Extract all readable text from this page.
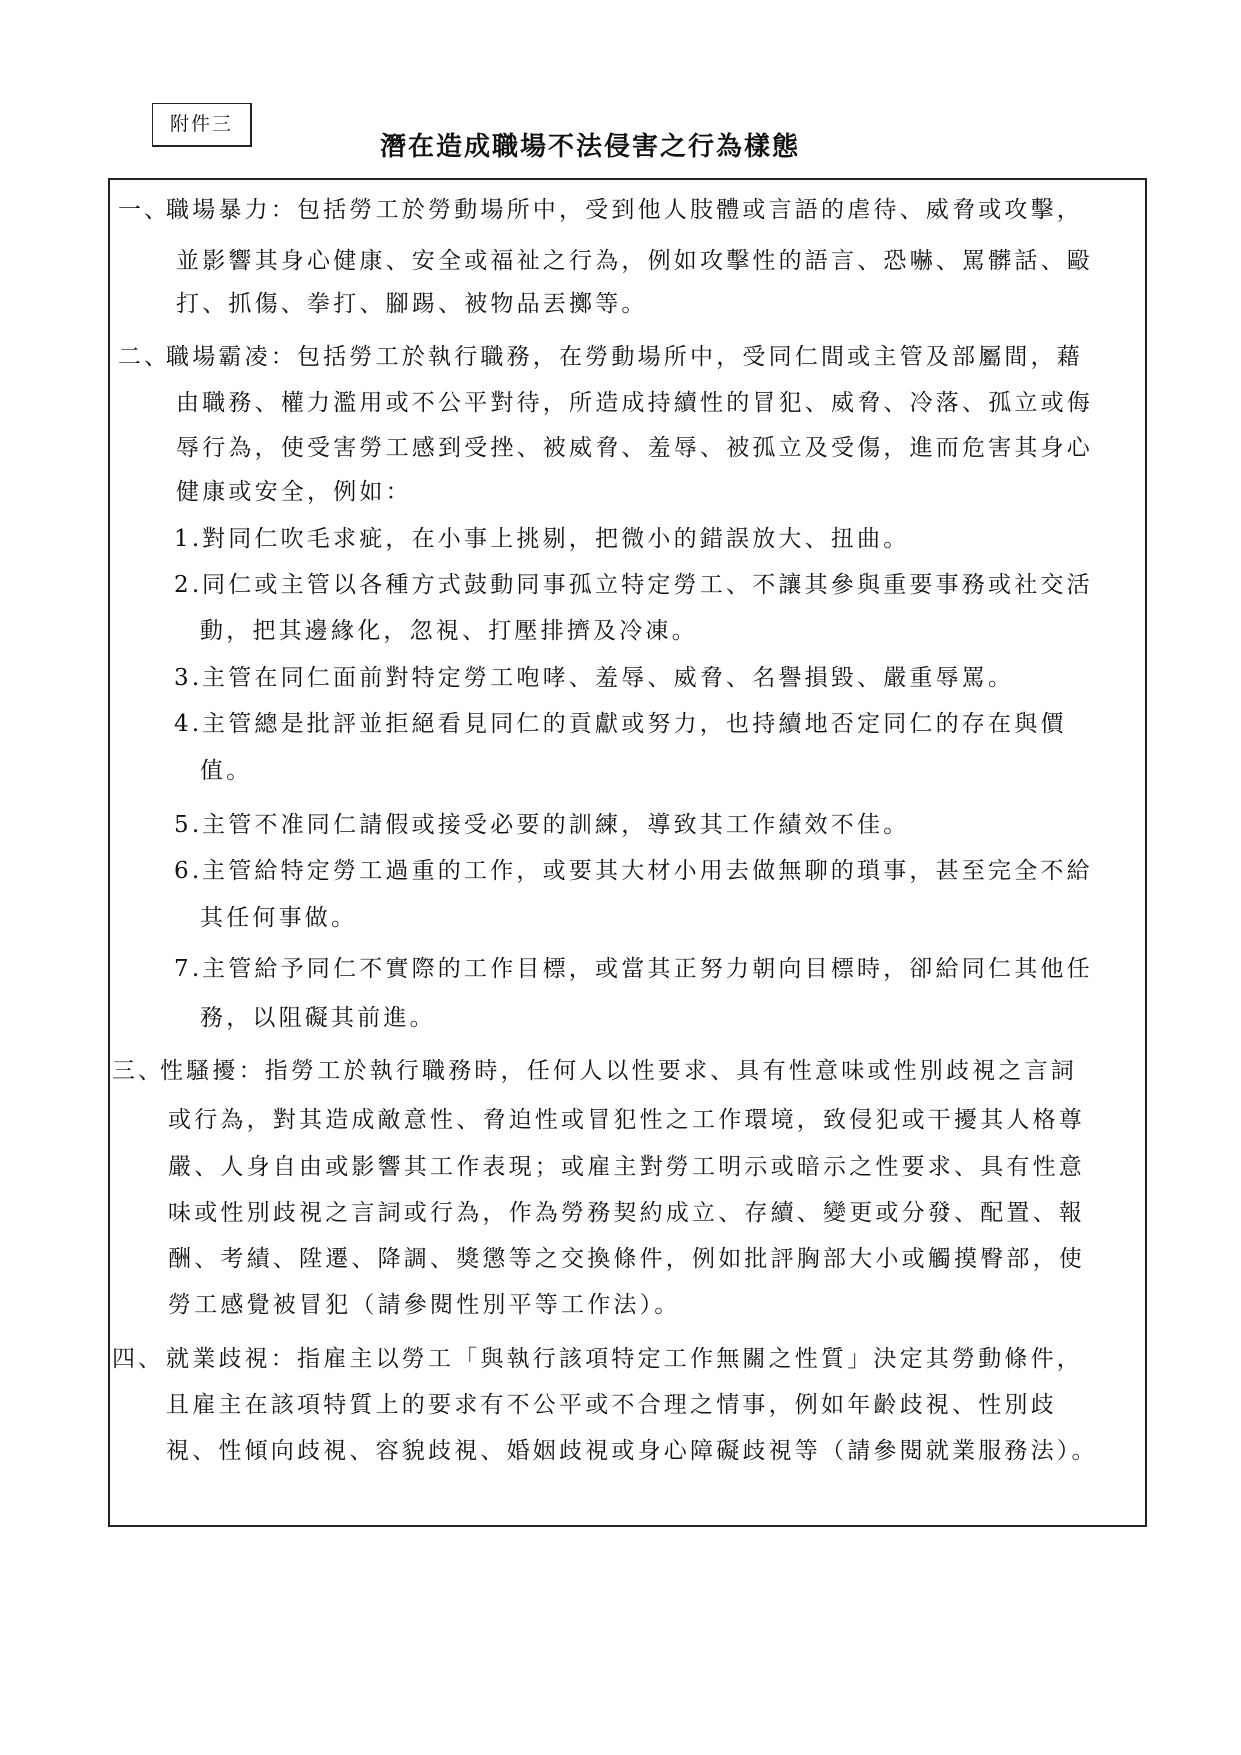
附件三
潛在造成職場不法侵害之行為樣態
一、
職場暴力：包括勞工於勞動場所中，受到他人肢體或言語的虐待、威脅或攻擊，
並影響其身心健康、安全或福祉之行為，例如攻擊性的語言、恐嚇、罵髒話、毆
打、抓傷、拳打、腳踢、被物品丟擲等。
二、
職場霸凌：包括勞工於執行職務，在勞動場所中，受同仁間或主管及部屬間，藉
由職務、權力濫用或不公平對待，所造成持續性的冒犯、威脅、冷落、孤立或侮
辱行為，使受害勞工感到受挫、被威脅、羞辱、被孤立及受傷，進而危害其身心
健康或安全，例如：
1. 對同仁吹毛求疵，在小事上挑剔，把微小的錯誤放大、扭曲。
2. 同仁或主管以各種方式鼓動同事孤立特定勞工、不讓其參與重要事務或社交活
動，把其邊緣化，忽視、打壓排擠及冷凍。
3. 主管在同仁面前對特定勞工咆哮、羞辱、威脅、名譽損毀、嚴重辱罵。
4. 主管總是批評並拒絕看見同仁的貢獻或努力，也持續地否定同仁的存在與價
值。
5. 主管不准同仁請假或接受必要的訓練，導致其工作績效不佳。
6. 主管給特定勞工過重的工作，或要其大材小用去做無聊的瑣事，甚至完全不給
其任何事做。
7. 主管給予同仁不實際的工作目標，或當其正努力朝向目標時，卻給同仁其他任
務，以阻礙其前進。
三、
性騷擾：指勞工於執行職務時，任何人以性要求、具有性意味或性別歧視之言詞
或行為，對其造成敵意性、脅迫性或冒犯性之工作環境，致侵犯或干擾其人格尊
嚴、人身自由或影響其工作表現；或雇主對勞工明示或暗示之性要求、具有性意
味或性別歧視之言詞或行為，作為勞務契約成立、存續、變更或分發、配置、報
酬、考績、陞遷、降調、獎懲等之交換條件，例如批評胸部大小或觸摸臀部，使
勞工感覺被冒犯（請參閱性別平等工作法）。
四、 就業歧視：指雇主以勞工「與執行該項特定工作無關之性質」決定其勞動條件，
且雇主在該項特質上的要求有不公平或不合理之情事，例如年齡歧視、性別歧
視、性傾向歧視、容貌歧視、婚姻歧視或身心障礙歧視等（請參閱就業服務法）。
